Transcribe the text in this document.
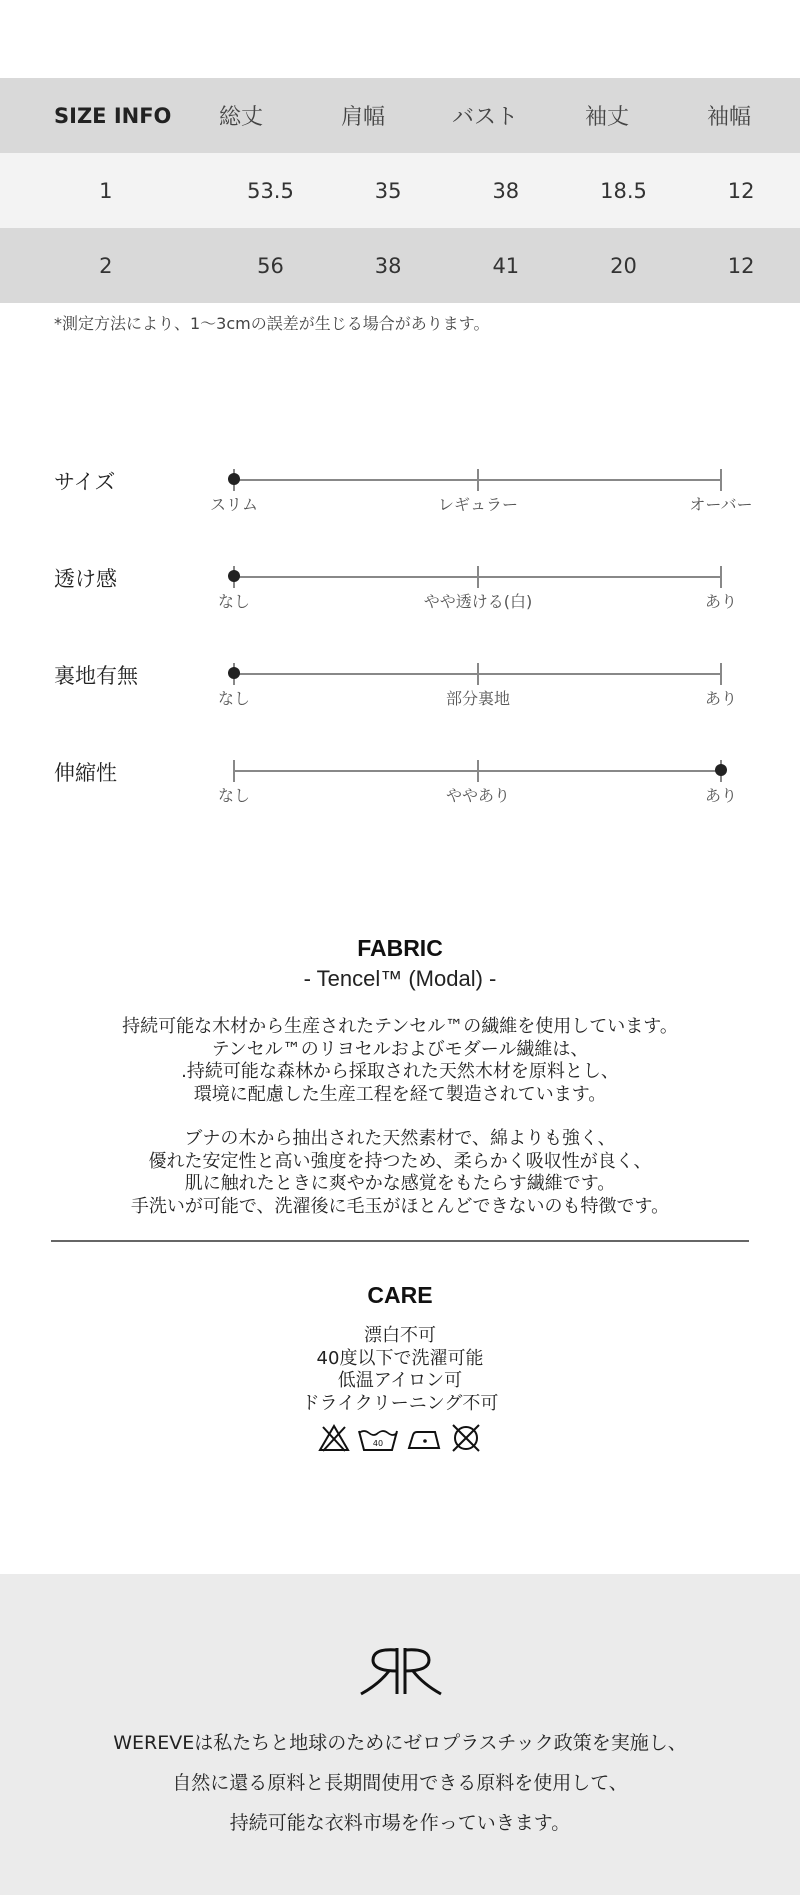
SIZE INFO	総丈	肩幅	バスト	袖丈	袖幅
1	53.5	35	38	18.5	12
2	56	38	41	20	12
*測定方法により、1〜3cmの誤差が生じる場合があります。
サイズ
スリム	レギュラー	オーバー
透け感
なし	やや透ける(白)	あり
裏地有無
なし	部分裏地	あり
伸縮性
なし	ややあり	あり
FABRIC
- Tencel™ (Modal) -
持続可能な木材から生産されたテンセル™の繊維を使用しています。
テンセル™のリヨセルおよびモダール繊維は、
.持続可能な森林から採取された天然木材を原料とし、
環境に配慮した生産工程を経て製造されています。
ブナの木から抽出された天然素材で、綿よりも強く、
優れた安定性と高い強度を持つため、柔らかく吸収性が良く、
肌に触れたときに爽やかな感覚をもたらす繊維です。
手洗いが可能で、洗濯後に毛玉がほとんどできないのも特徴です。
CARE
漂白不可
40度以下で洗濯可能
低温アイロン可
ドライクリーニング不可
40
WEREVEは私たちと地球のためにゼロプラスチック政策を実施し、
自然に還る原料と長期間使用できる原料を使用して、
持続可能な衣料市場を作っていきます。
